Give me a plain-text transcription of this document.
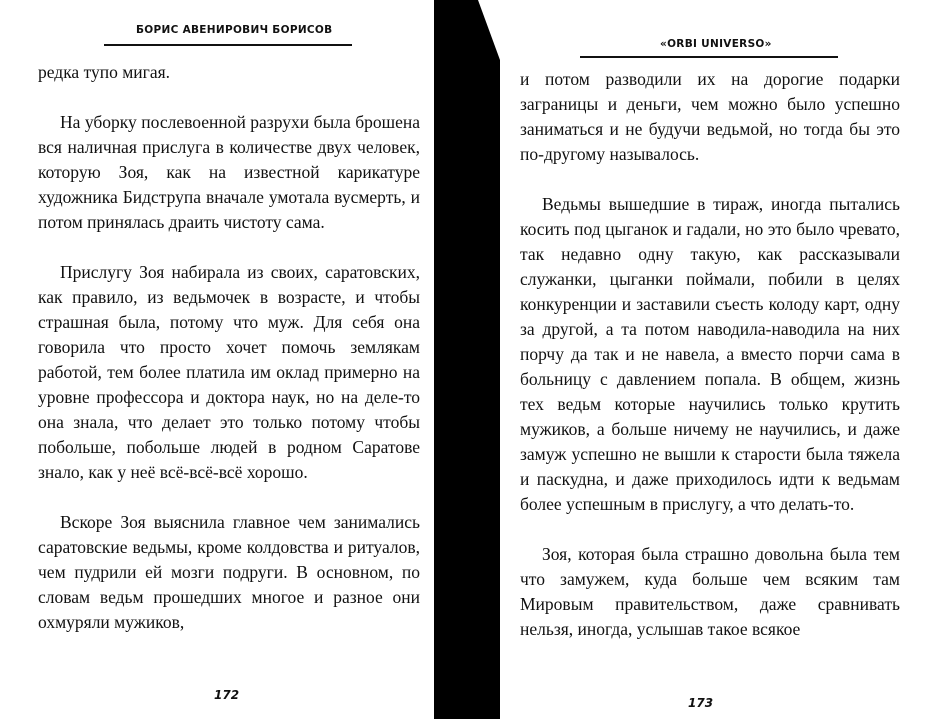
БОРИС АВЕНИРОВИЧ БОРИСОВ

редка тупо мигая.

На уборку послевоенной разрухи была брошена вся наличная прислуга в количестве двух человек, которую Зоя, как на известной карикатуре художника Бидструпа вначале умотала вусмерть, и потом принялась драить чистоту сама.

Прислугу Зоя набирала из своих, саратовских, как правило, из ведьмочек в возрасте, и чтобы страшная была, потому что муж. Для себя она говорила что просто хочет помочь землякам работой, тем более платила им оклад примерно на уровне профессора и доктора наук, но на деле-то она знала, что делает это только потому чтобы побольше, побольше людей в родном Саратове знало, как у неё всё-всё-всё хорошо.

Вскоре Зоя выяснила главное чем занимались саратовские ведьмы, кроме колдовства и ритуалов, чем пудрили ей мозги подруги. В основном, по словам ведьм прошедших многое и разное они охмуряли мужиков,

172
«ORBI UNIVERSO»

и потом разводили их на дорогие подарки заграницы и деньги, чем можно было успешно заниматься и не будучи ведьмой, но тогда бы это по-другому называлось.

Ведьмы вышедшие в тираж, иногда пытались косить под цыганок и гадали, но это было чревато, так недавно одну такую, как рассказывали служанки, цыганки поймали, побили в целях конкуренции и заставили съесть колоду карт, одну за другой, а та потом наводила-наводила на них порчу да так и не навела, а вместо порчи сама в больницу с давлением попала. В общем, жизнь тех ведьм которые научились только крутить мужиков, а больше ничему не научились, и даже замуж успешно не вышли к старости была тяжела и паскудна, и даже приходилось идти к ведьмам более успешным в прислугу, а что делать-то.

Зоя, которая была страшно довольна была тем что замужем, куда больше чем всяким там Мировым правительством, даже сравнивать нельзя, иногда, услышав такое всякое

173
